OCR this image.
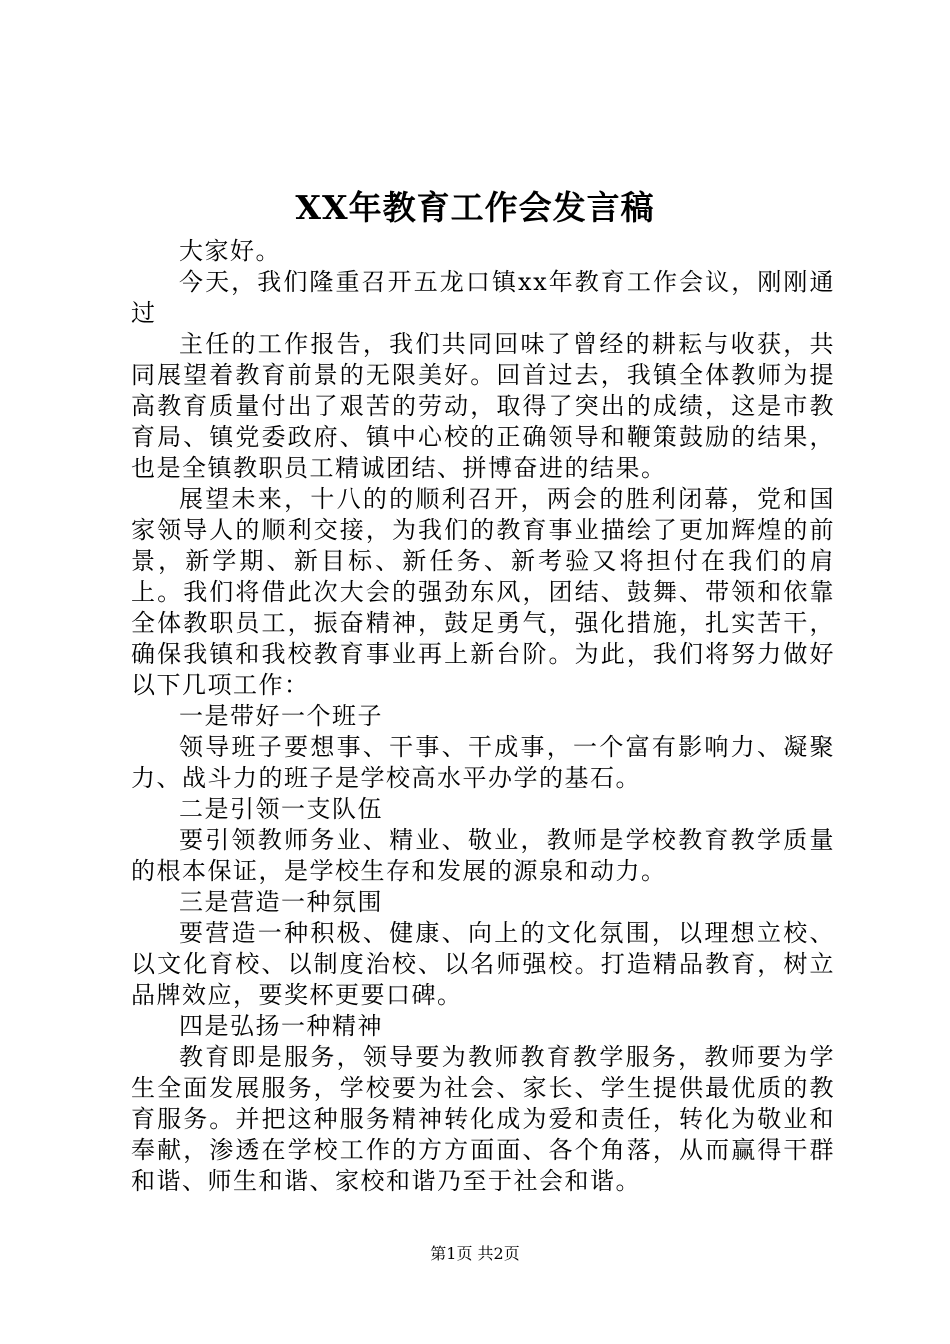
XX年教育工作会发言稿

大家好。

今天，我们隆重召开五龙口镇xx年教育工作会议，刚刚通过

主任的工作报告，我们共同回味了曾经的耕耘与收获，共同展望着教育前景的无限美好。回首过去，我镇全体教师为提高教育质量付出了艰苦的劳动，取得了突出的成绩，这是市教育局、镇党委政府、镇中心校的正确领导和鞭策鼓励的结果，也是全镇教职员工精诚团结、拼博奋进的结果。

展望未来，十八的的顺利召开，两会的胜利闭幕，党和国家领导人的顺利交接，为我们的教育事业描绘了更加辉煌的前景，新学期、新目标、新任务、新考验又将担付在我们的肩上。我们将借此次大会的强劲东风，团结、鼓舞、带领和依靠全体教职员工，振奋精神，鼓足勇气，强化措施，扎实苦干，确保我镇和我校教育事业再上新台阶。为此，我们将努力做好以下几项工作：

一是带好一个班子

领导班子要想事、干事、干成事，一个富有影响力、凝聚力、战斗力的班子是学校高水平办学的基石。

二是引领一支队伍

要引领教师务业、精业、敬业，教师是学校教育教学质量的根本保证，是学校生存和发展的源泉和动力。

三是营造一种氛围

要营造一种积极、健康、向上的文化氛围，以理想立校、以文化育校、以制度治校、以名师强校。打造精品教育，树立品牌效应，要奖杯更要口碑。

四是弘扬一种精神

教育即是服务，领导要为教师教育教学服务，教师要为学生全面发展服务，学校要为社会、家长、学生提供最优质的教育服务。并把这种服务精神转化成为爱和责任，转化为敬业和奉献，渗透在学校工作的方方面面、各个角落，从而赢得干群和谐、师生和谐、家校和谐乃至于社会和谐。

第1页 共2页
